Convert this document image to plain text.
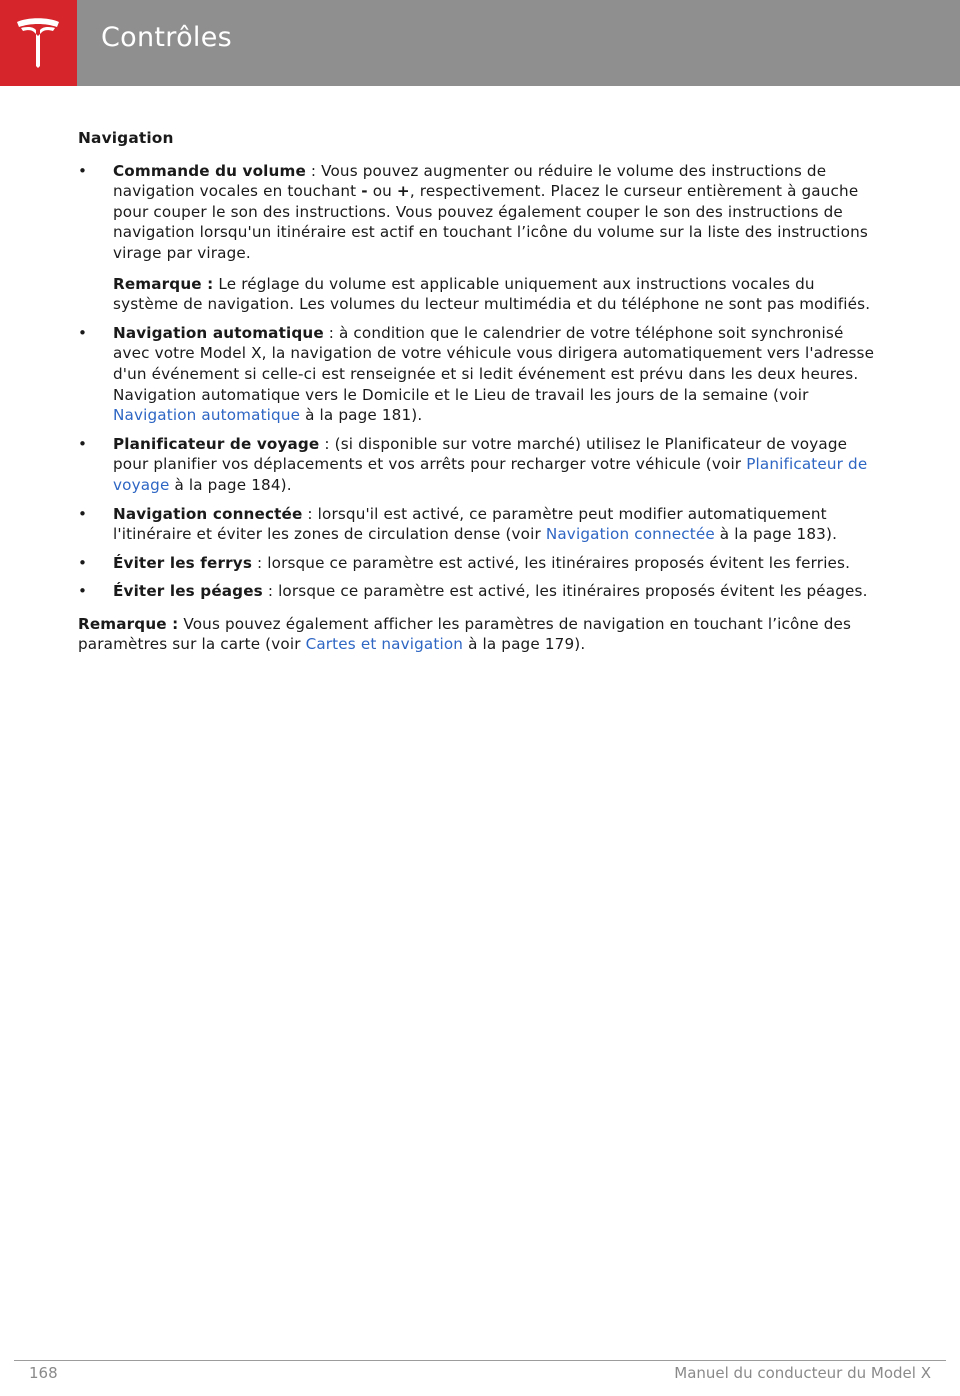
Contrôles

Navigation

• Commande du volume : Vous pouvez augmenter ou réduire le volume des instructions de navigation vocales en touchant - ou +, respectivement. Placez le curseur entièrement à gauche pour couper le son des instructions. Vous pouvez également couper le son des instructions de navigation lorsqu'un itinéraire est actif en touchant l’icône du volume sur la liste des instructions virage par virage.

Remarque : Le réglage du volume est applicable uniquement aux instructions vocales du système de navigation. Les volumes du lecteur multimédia et du téléphone ne sont pas modifiés.

• Navigation automatique : à condition que le calendrier de votre téléphone soit synchronisé avec votre Model X, la navigation de votre véhicule vous dirigera automatiquement vers l'adresse d'un événement si celle-ci est renseignée et si ledit événement est prévu dans les deux heures. Navigation automatique vers le Domicile et le Lieu de travail les jours de la semaine (voir Navigation automatique à la page 181).

• Planificateur de voyage : (si disponible sur votre marché) utilisez le Planificateur de voyage pour planifier vos déplacements et vos arrêts pour recharger votre véhicule (voir Planificateur de voyage à la page 184).

• Navigation connectée : lorsqu'il est activé, ce paramètre peut modifier automatiquement l'itinéraire et éviter les zones de circulation dense (voir Navigation connectée à la page 183).

• Éviter les ferrys : lorsque ce paramètre est activé, les itinéraires proposés évitent les ferries.

• Éviter les péages : lorsque ce paramètre est activé, les itinéraires proposés évitent les péages.

Remarque : Vous pouvez également afficher les paramètres de navigation en touchant l’icône des paramètres sur la carte (voir Cartes et navigation à la page 179).

168	Manuel du conducteur du Model X
